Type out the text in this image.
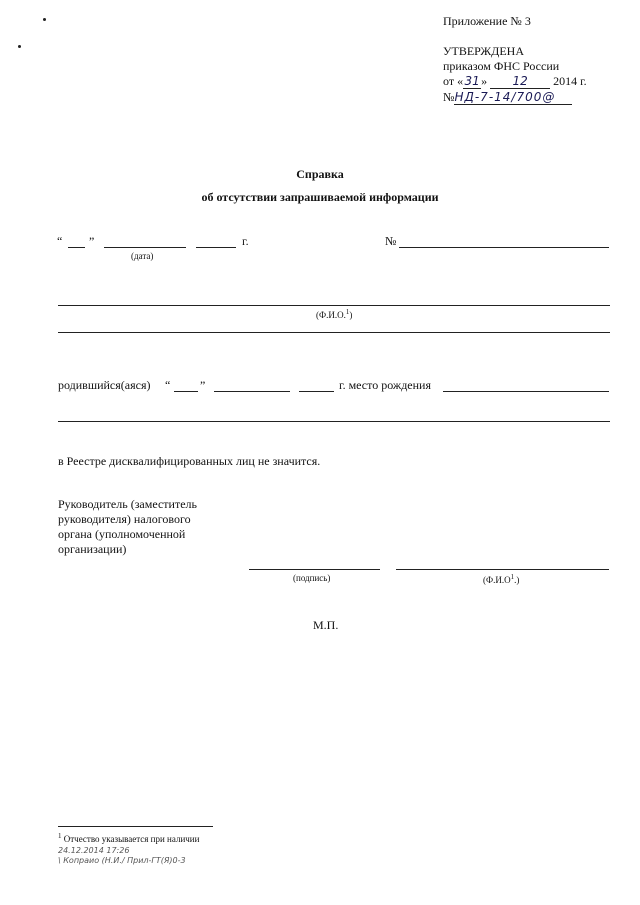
Приложение № 3
УТВЕРЖДЕНА
приказом ФНС России
от «31» 12 2014 г.
№НД-7-14/700@
Справка
об отсутствии запрашиваемой информации
“ ”	г.
(дата)
№
(Ф.И.О.$^1$)
родившийся(аяся) “ ”	г. место рождения
в Реестре дисквалифицированных лиц не значится.
Руководитель (заместитель
руководителя) налогового
органа (уполномоченной
организации)
(подпись)	$(Ф.И.О^1.)$
М.П.
$^1$ Отчество указывается при наличии
24.12.2014 17:26
\ Копраио (Н.И./ Прил-ГТ(Я)0-3
